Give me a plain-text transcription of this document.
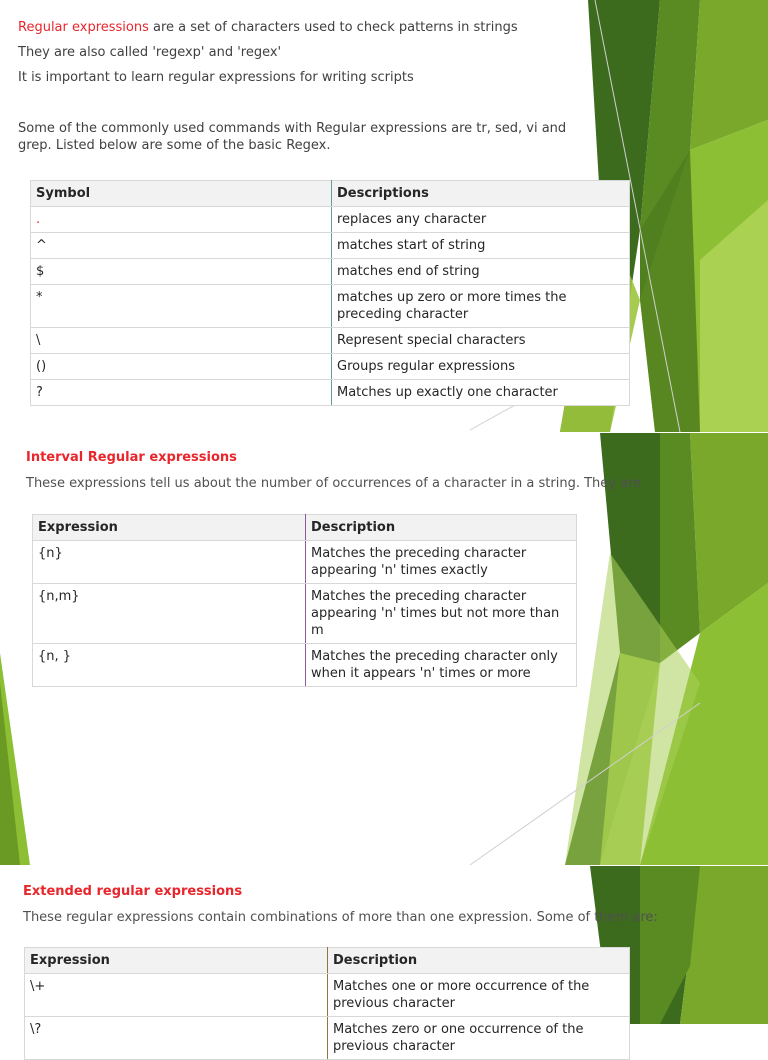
Regular expressions are a set of characters used to check patterns in strings
They are also called 'regexp' and 'regex'
It is important to learn regular expressions for writing scripts
Some of the commonly used commands with Regular expressions are tr, sed, vi and
grep. Listed below are some of the basic Regex.
Symbol	Descriptions
.	replaces any character
^	matches start of string
$	matches end of string
*	matches up zero or more times the preceding character
\	Represent special characters
()	Groups regular expressions
?	Matches up exactly one character
Interval Regular expressions
These expressions tell us about the number of occurrences of a character in a string. They are
Expression	Description
{n}	Matches the preceding character appearing 'n' times exactly
{n,m}	Matches the preceding character appearing 'n' times but not more than m
{n, }	Matches the preceding character only when it appears 'n' times or more
Extended regular expressions
These regular expressions contain combinations of more than one expression. Some of them are:
Expression	Description
\+	Matches one or more occurrence of the previous character
\?	Matches zero or one occurrence of the previous character
